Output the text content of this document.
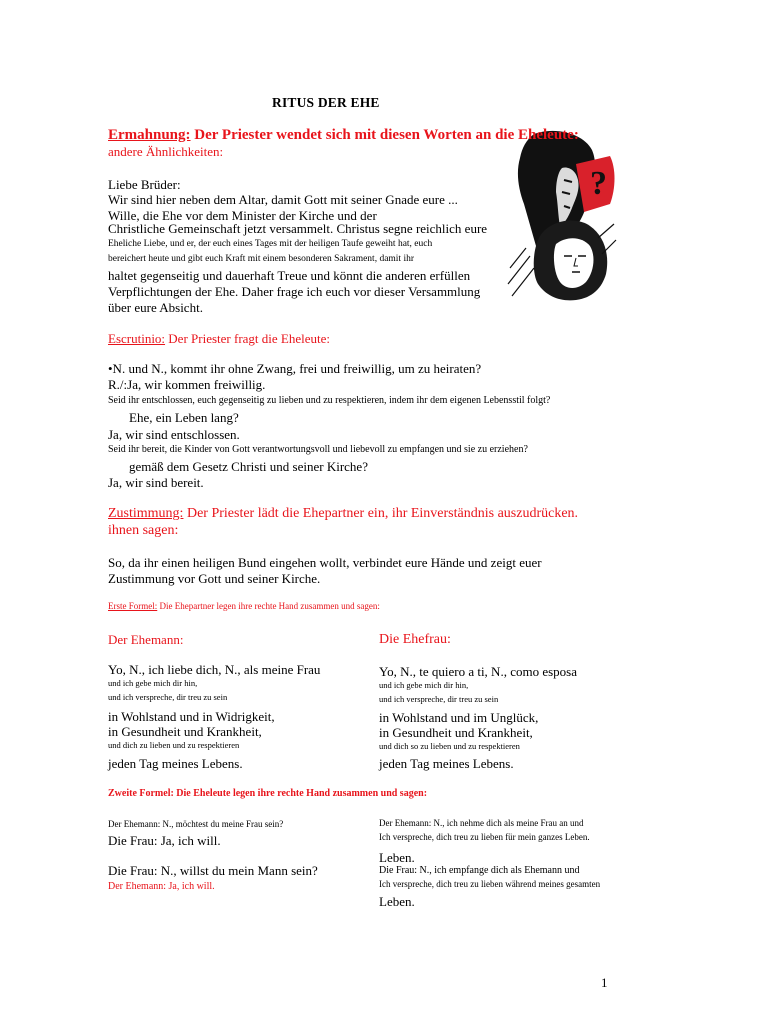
RITUS DER EHE
?
Ermahnung: Der Priester wendet sich mit diesen Worten an die Eheleute:
andere Ähnlichkeiten:
Liebe Brüder:
Wir sind hier neben dem Altar, damit Gott mit seiner Gnade eure ...
Wille, die Ehe vor dem Minister der Kirche und der
Christliche Gemeinschaft jetzt versammelt. Christus segne reichlich eure
Eheliche Liebe, und er, der euch eines Tages mit der heiligen Taufe geweiht hat, euch
bereichert heute und gibt euch Kraft mit einem besonderen Sakrament, damit ihr
haltet gegenseitig und dauerhaft Treue und könnt die anderen erfüllen
Verpflichtungen der Ehe. Daher frage ich euch vor dieser Versammlung
über eure Absicht.
Escrutinio: Der Priester fragt die Eheleute:
•N. und N., kommt ihr ohne Zwang, frei und freiwillig, um zu heiraten?
R./:Ja, wir kommen freiwillig.
Seid ihr entschlossen, euch gegenseitig zu lieben und zu respektieren, indem ihr dem eigenen Lebensstil folgt?
Ehe, ein Leben lang?
Ja, wir sind entschlossen.
Seid ihr bereit, die Kinder von Gott verantwortungsvoll und liebevoll zu empfangen und sie zu erziehen?
gemäß dem Gesetz Christi und seiner Kirche?
Ja, wir sind bereit.
Zustimmung: Der Priester lädt die Ehepartner ein, ihr Einverständnis auszudrücken.
ihnen sagen:
So, da ihr einen heiligen Bund eingehen wollt, verbindet eure Hände und zeigt euer
Zustimmung vor Gott und seiner Kirche.
Erste Formel: Die Ehepartner legen ihre rechte Hand zusammen und sagen:
Der Ehemann:	Die Ehefrau:
Yo, N., ich liebe dich, N., als meine Frau
und ich gebe mich dir hin,
und ich verspreche, dir treu zu sein
in Wohlstand und in Widrigkeit,
in Gesundheit und Krankheit,
und dich zu lieben und zu respektieren
jeden Tag meines Lebens.
Yo, N., te quiero a ti, N., como esposa
und ich gebe mich dir hin,
und ich verspreche, dir treu zu sein
in Wohlstand und im Unglück,
in Gesundheit und Krankheit,
und dich so zu lieben und zu respektieren
jeden Tag meines Lebens.
Zweite Formel: Die Eheleute legen ihre rechte Hand zusammen und sagen:
Der Ehemann: N., möchtest du meine Frau sein?
Die Frau: Ja, ich will.
Die Frau: N., willst du mein Mann sein?
Der Ehemann: Ja, ich will.
Der Ehemann: N., ich nehme dich als meine Frau an und
Ich verspreche, dich treu zu lieben für mein ganzes Leben.
Leben.
Die Frau: N., ich empfange dich als Ehemann und
Ich verspreche, dich treu zu lieben während meines gesamten
Leben.
1
